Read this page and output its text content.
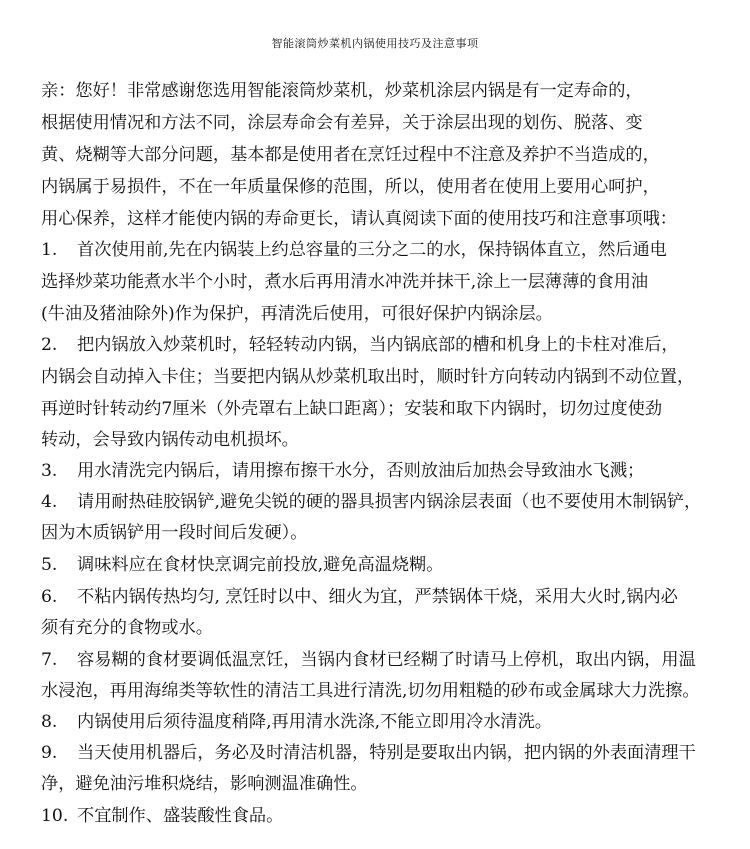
智能滚筒炒菜机内锅使用技巧及注意事项
亲：您好！非常感谢您选用智能滚筒炒菜机，炒菜机涂层内锅是有一定寿命的，
根据使用情况和方法不同，涂层寿命会有差异，关于涂层出现的划伤、脱落、变
黄、烧糊等大部分问题，基本都是使用者在烹饪过程中不注意及养护不当造成的，
内锅属于易损件，不在一年质量保修的范围，所以，使用者在使用上要用心呵护，
用心保养，这样才能使内锅的寿命更长，请认真阅读下面的使用技巧和注意事项哦：
1. 首次使用前,先在内锅装上约总容量的三分之二的水，保持锅体直立，然后通电
选择炒菜功能煮水半个小时，煮水后再用清水冲洗并抹干,涂上一层薄薄的食用油
(牛油及猪油除外)作为保护，再清洗后使用，可很好保护内锅涂层。
2. 把内锅放入炒菜机时，轻轻转动内锅，当内锅底部的槽和机身上的卡柱对准后，
内锅会自动掉入卡住；当要把内锅从炒菜机取出时，顺时针方向转动内锅到不动位置，
再逆时针转动约7厘米（外壳罩右上缺口距离）；安装和取下内锅时，切勿过度使劲
转动，会导致内锅传动电机损坏。
3. 用水清洗完内锅后，请用擦布擦干水分，否则放油后加热会导致油水飞溅；
4. 请用耐热硅胶锅铲,避免尖锐的硬的器具损害内锅涂层表面（也不要使用木制锅铲，
因为木质锅铲用一段时间后发硬）。
5. 调味料应在食材快烹调完前投放,避免高温烧糊。
6. 不粘内锅传热均匀, 烹饪时以中、细火为宜，严禁锅体干烧，采用大火时,锅内必
须有充分的食物或水。
7. 容易糊的食材要调低温烹饪，当锅内食材已经糊了时请马上停机，取出内锅，用温
水浸泡，再用海绵类等软性的清洁工具进行清洗,切勿用粗糙的砂布或金属球大力洗擦。
8. 内锅使用后须待温度稍降,再用清水洗涤,不能立即用冷水清洗。
9. 当天使用机器后，务必及时清洁机器，特别是要取出内锅，把内锅的外表面清理干
净，避免油污堆积烧结，影响测温准确性。
10. 不宜制作、盛装酸性食品。
